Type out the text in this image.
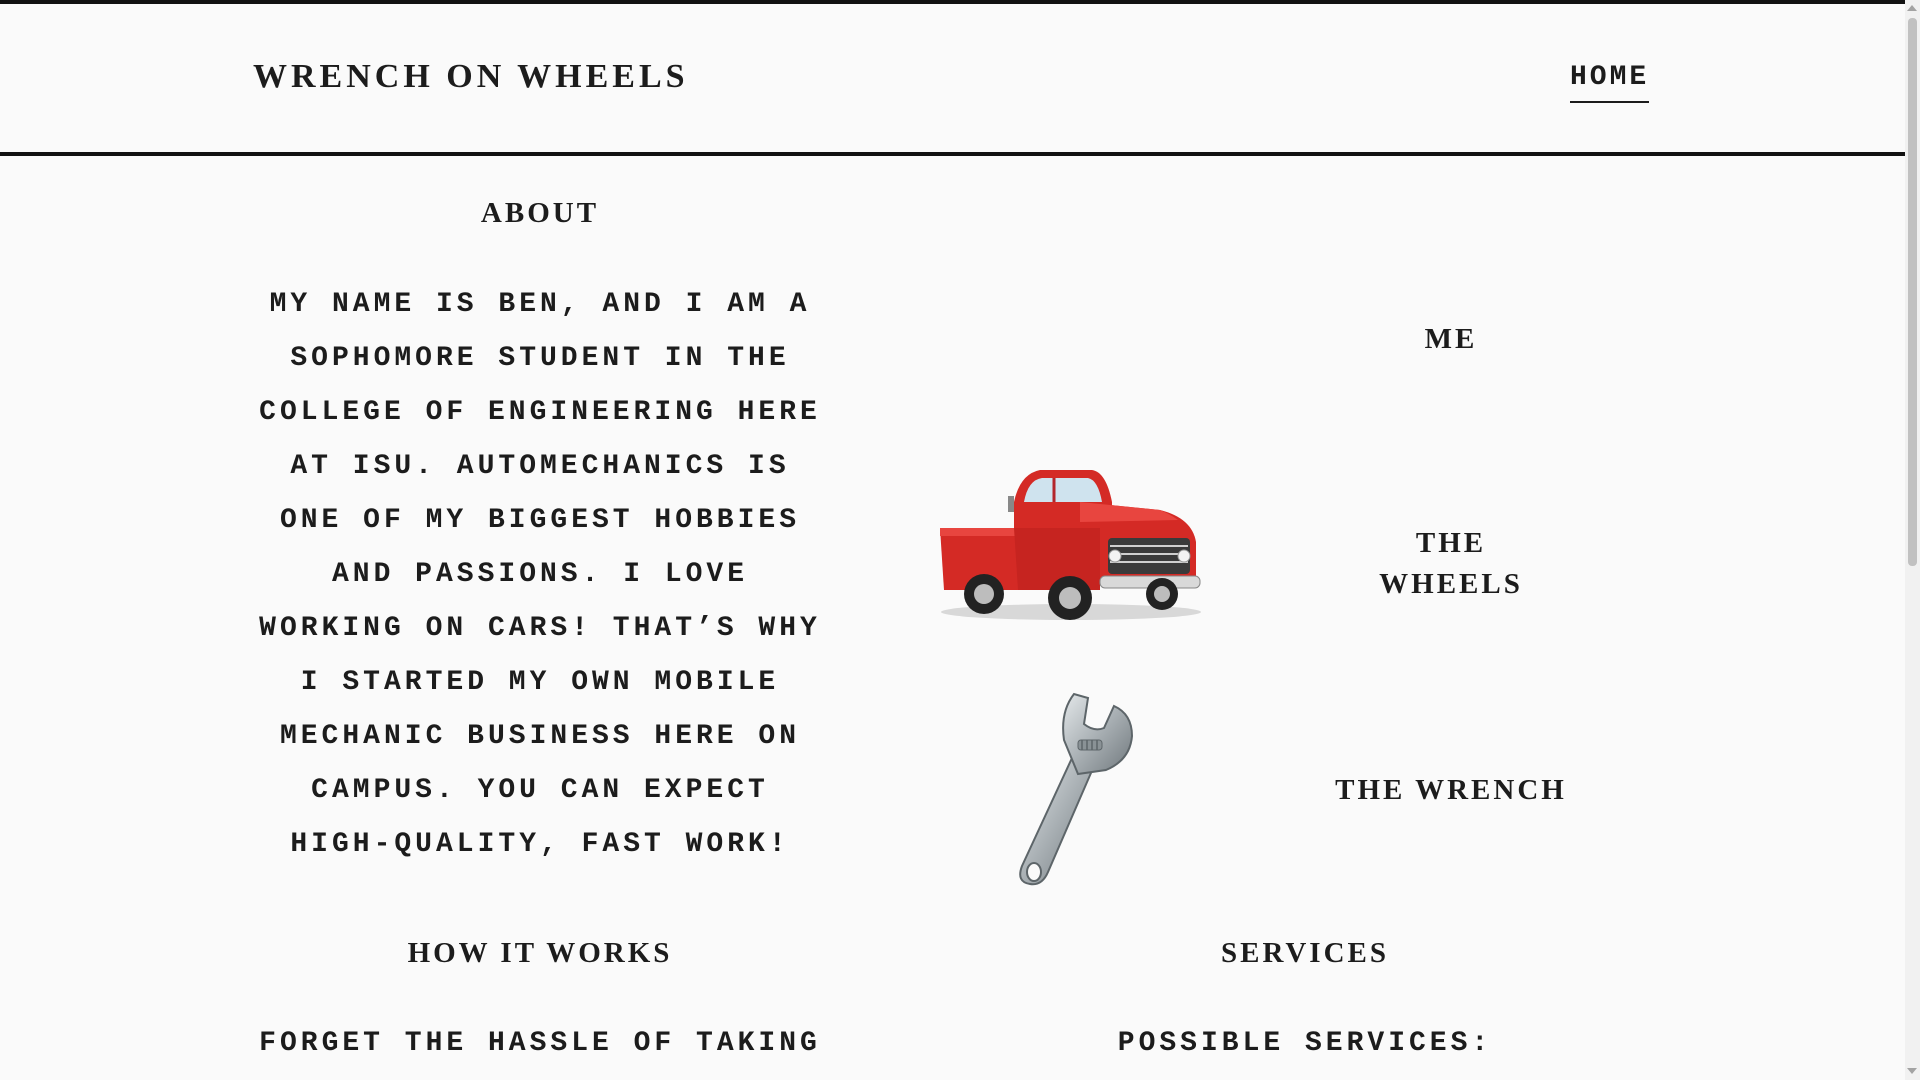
WRENCH ON WHEELS	HOME
ABOUT
MY NAME IS BEN, AND I AM A SOPHOMORE STUDENT IN THE COLLEGE OF ENGINEERING HERE AT ISU. AUTOMECHANICS IS ONE OF MY BIGGEST HOBBIES AND PASSIONS. I LOVE WORKING ON CARS! THAT’S WHY I STARTED MY OWN MOBILE MECHANIC BUSINESS HERE ON CAMPUS. YOU CAN EXPECT HIGH-QUALITY, FAST WORK!
ME
THE WHEELS
THE WRENCH
HOW IT WORKS
FORGET THE HASSLE OF TAKING
SERVICES
POSSIBLE SERVICES:
